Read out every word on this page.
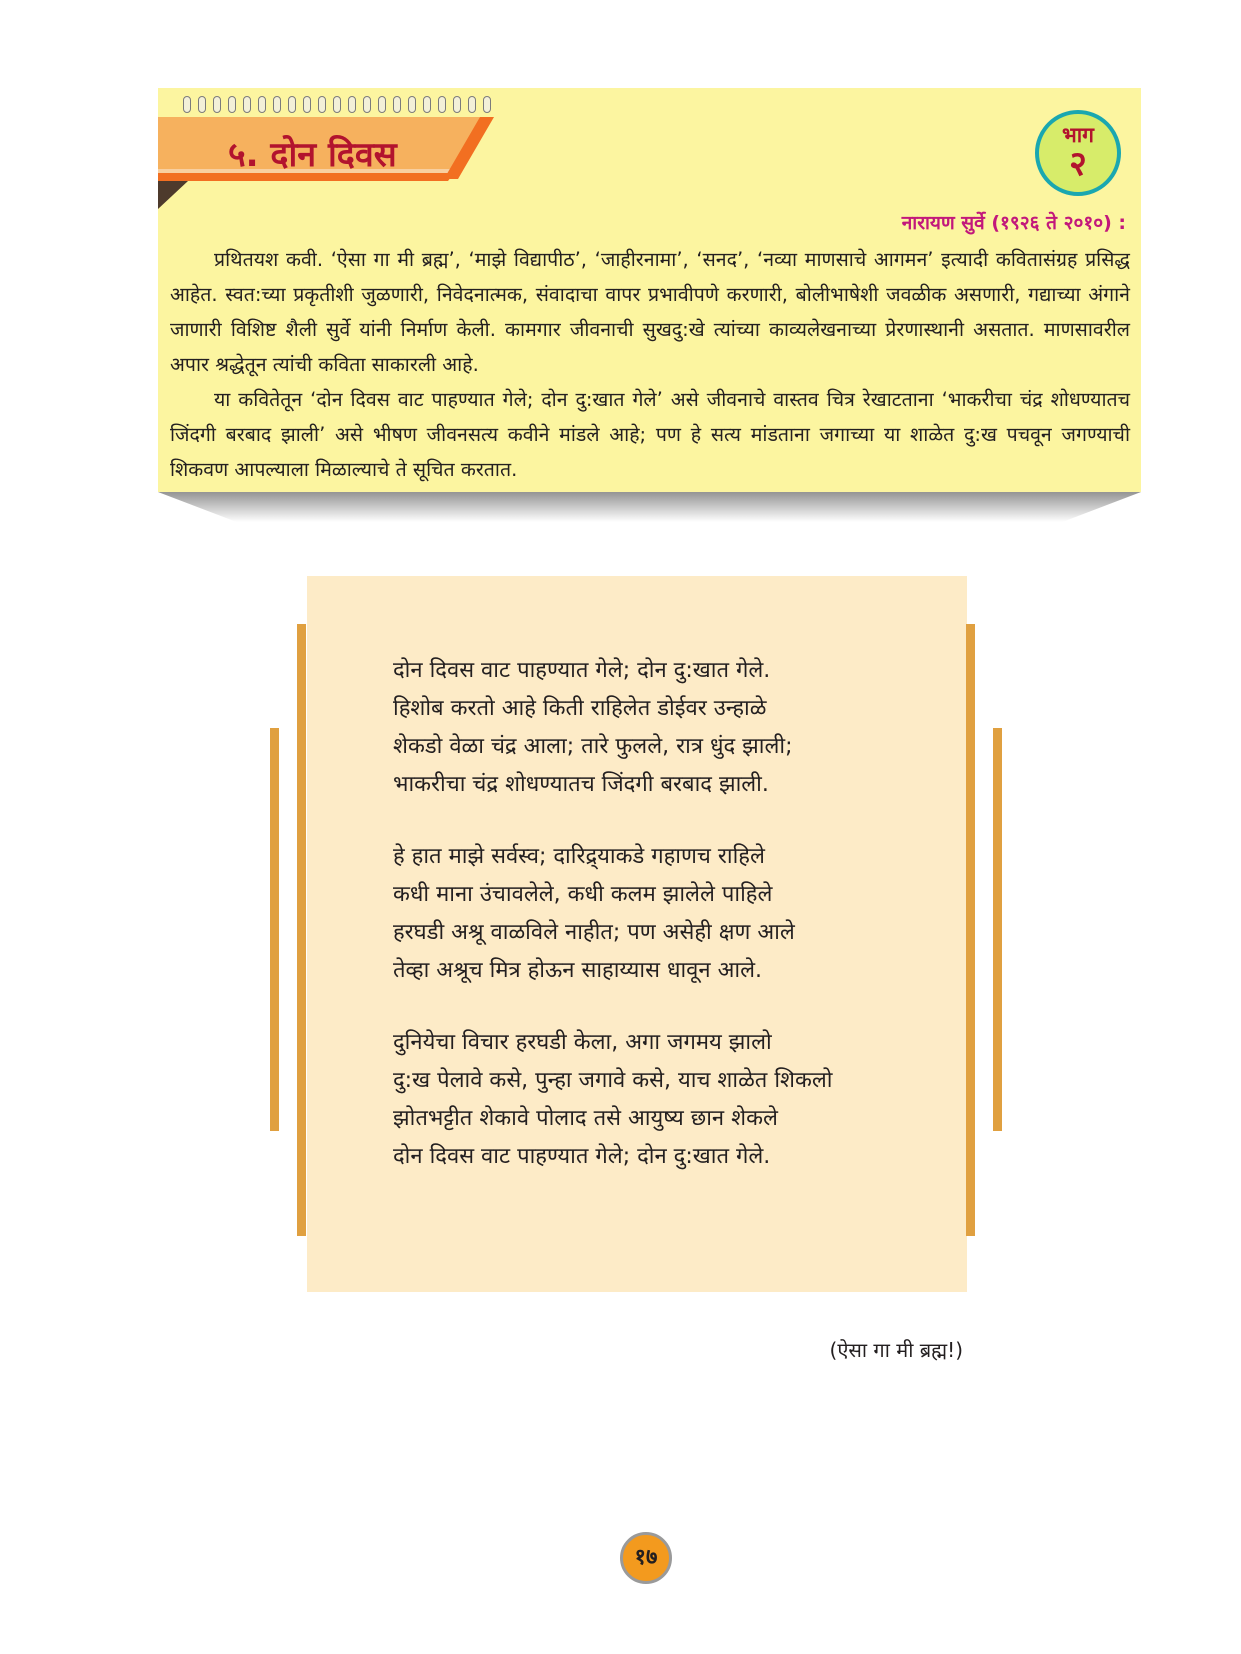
५. दोन दिवस	भाग
२
नारायण सुर्वे (१९२६ ते २०१०) :

प्रथितयश कवी. ‘ऐसा गा मी ब्रह्म’, ‘माझे विद्यापीठ’, ‘जाहीरनामा’, ‘सनद’, ‘नव्या माणसाचे आगमन’ इत्यादी कवितासंग्रह प्रसिद्ध आहेत. स्वत:च्या प्रकृतीशी जुळणारी, निवेदनात्मक, संवादाचा वापर प्रभावीपणे करणारी, बोलीभाषेशी जवळीक असणारी, गद्याच्या अंगाने जाणारी विशिष्ट शैली सुर्वे यांनी निर्माण केली. कामगार जीवनाची सुखदु:खे त्यांच्या काव्यलेखनाच्या प्रेरणास्थानी असतात. माणसावरील अपार श्रद्धेतून त्यांची कविता साकारली आहे.

या कवितेतून ‘दोन दिवस वाट पाहण्यात गेले; दोन दु:खात गेले’ असे जीवनाचे वास्तव चित्र रेखाटताना ‘भाकरीचा चंद्र शोधण्यातच जिंदगी बरबाद झाली’ असे भीषण जीवनसत्य कवीने मांडले आहे; पण हे सत्य मांडताना जगाच्या या शाळेत दु:ख पचवून जगण्याची शिकवण आपल्याला मिळाल्याचे ते सूचित करतात.

दोन दिवस वाट पाहण्यात गेले; दोन दु:खात गेले.
हिशोब करतो आहे किती राहिलेत डोईवर उन्हाळे
शेकडो वेळा चंद्र आला; तारे फुलले, रात्र धुंद झाली;
भाकरीचा चंद्र शोधण्यातच जिंदगी बरबाद झाली.
हे हात माझे सर्वस्व; दारिद्र्याकडे गहाणच राहिले
कधी माना उंचावलेले, कधी कलम झालेले पाहिले
हरघडी अश्रू वाळविले नाहीत; पण असेही क्षण आले
तेव्हा अश्रूच मित्र होऊन साहाय्यास धावून आले.
दुनियेचा विचार हरघडी केला, अगा जगमय झालो
दु:ख पेलावे कसे, पुन्हा जगावे कसे, याच शाळेत शिकलो
झोतभट्टीत शेकावे पोलाद तसे आयुष्य छान शेकले
दोन दिवस वाट पाहण्यात गेले; दोन दु:खात गेले.
(ऐसा गा मी ब्रह्म!)
१७
